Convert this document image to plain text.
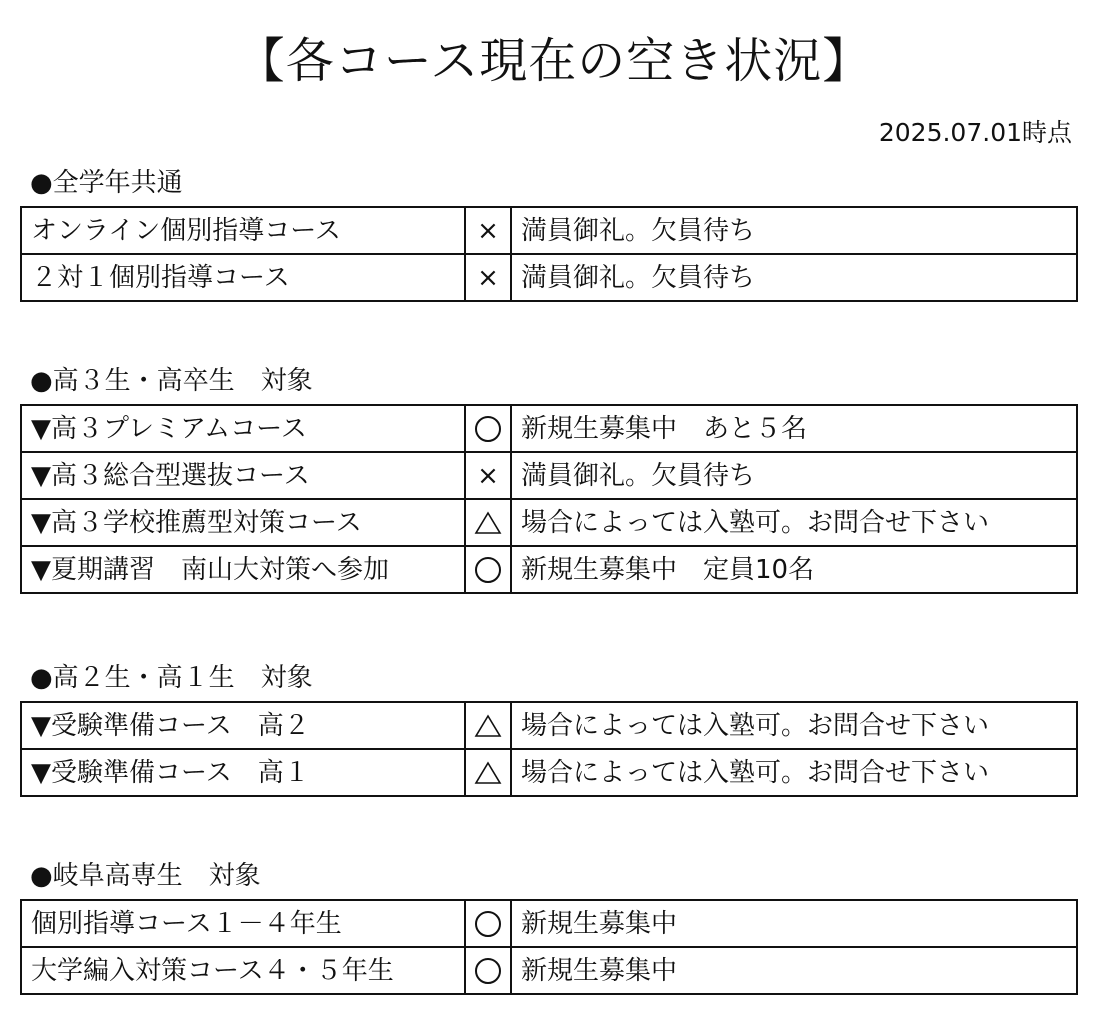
【各コース現在の空き状況】
2025.07.01時点
●全学年共通
オンライン個別指導コース	×	満員御礼。欠員待ち
２対１個別指導コース	×	満員御礼。欠員待ち
●高３生・高卒生　対象
▼高３プレミアムコース		新規生募集中　あと５名
▼高３総合型選抜コース	×	満員御礼。欠員待ち
▼高３学校推薦型対策コース		場合によっては入塾可。お問合せ下さい
▼夏期講習　南山大対策へ参加		新規生募集中　定員10名
●高２生・高１生　対象
▼受験準備コース　高２		場合によっては入塾可。お問合せ下さい
▼受験準備コース　高１		場合によっては入塾可。お問合せ下さい
●岐阜高専生　対象
個別指導コース１－４年生		新規生募集中
大学編入対策コース４・５年生		新規生募集中
